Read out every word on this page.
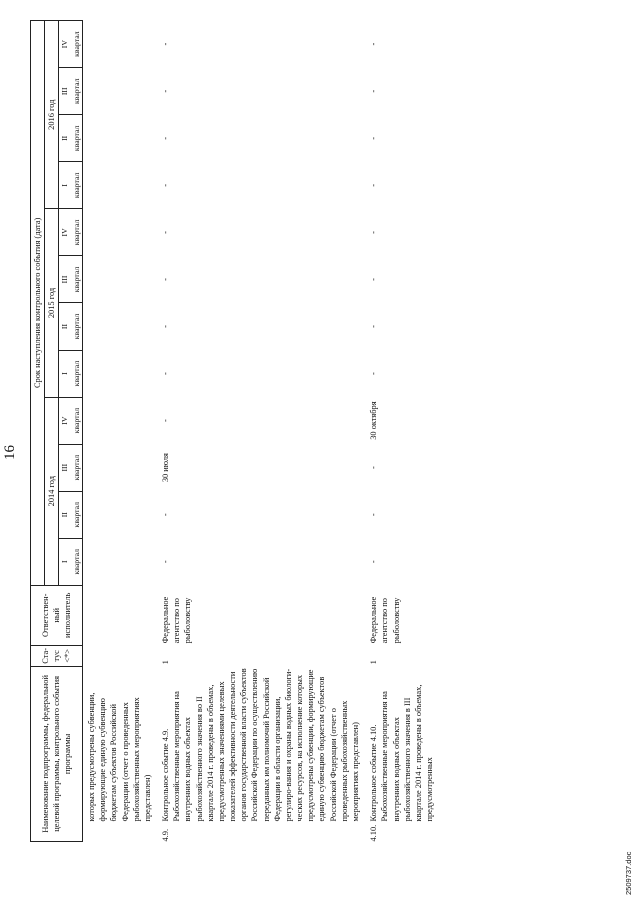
16
Наименование подпрограммы, федеральной целевой программы, контрольного события программы		Ста-тус <*>	Ответствен-ный исполнитель	Срок наступления контрольного события (дата)											
				2014 год				2015 год				2016 год			
				I	II	III	IV	I	II	III	IV	I	II	III	IV
				квартал	квартал	квартал	квартал	квартал	квартал	квартал	квартал	квартал	квартал	квартал	квартал
	которых предусмотрены субвенции, формирующие единую субвенцию бюджетам субъектов Российской Федерации (отчет о проведенных рыбохозяйственных мероприятиях представлен)														
4.9.	Контрольное событие 4.9. Рыбохозяйственные мероприятия на внутренних водных объектах рыбохозяйственного значения во II квартале 2014 г. проведены в объемах, предусмотренных значениями целевых показателей эффективности деятельности органов государственной власти субъектов Российской Федерации по осуществлению переданных им полномочий Российской Федерации в области организации, регулиро-вания и охраны водных биологи-ческих ресурсов, на исполнение которых предусмотрены субвенции, формирующие единую субвенцию бюджетам субъектов Российской Федерации (отчет о проведенных рыбохозяйственных мероприятиях представлен)	1	Федеральное агентство по рыболовству	-	-	30 июля	-	-	-	-	-	-	-	-	-
4.10.	Контрольное событие 4.10. Рыбохозяйственные мероприятия на внутренних водных объектах рыбохозяйственного значения в III квартале 2014 г. проведены в объемах, предусмотренных	1	Федеральное агентство по рыболовству	-	-	-	30 октября	-	-	-	-	-	-	-	-
2509737.doc
